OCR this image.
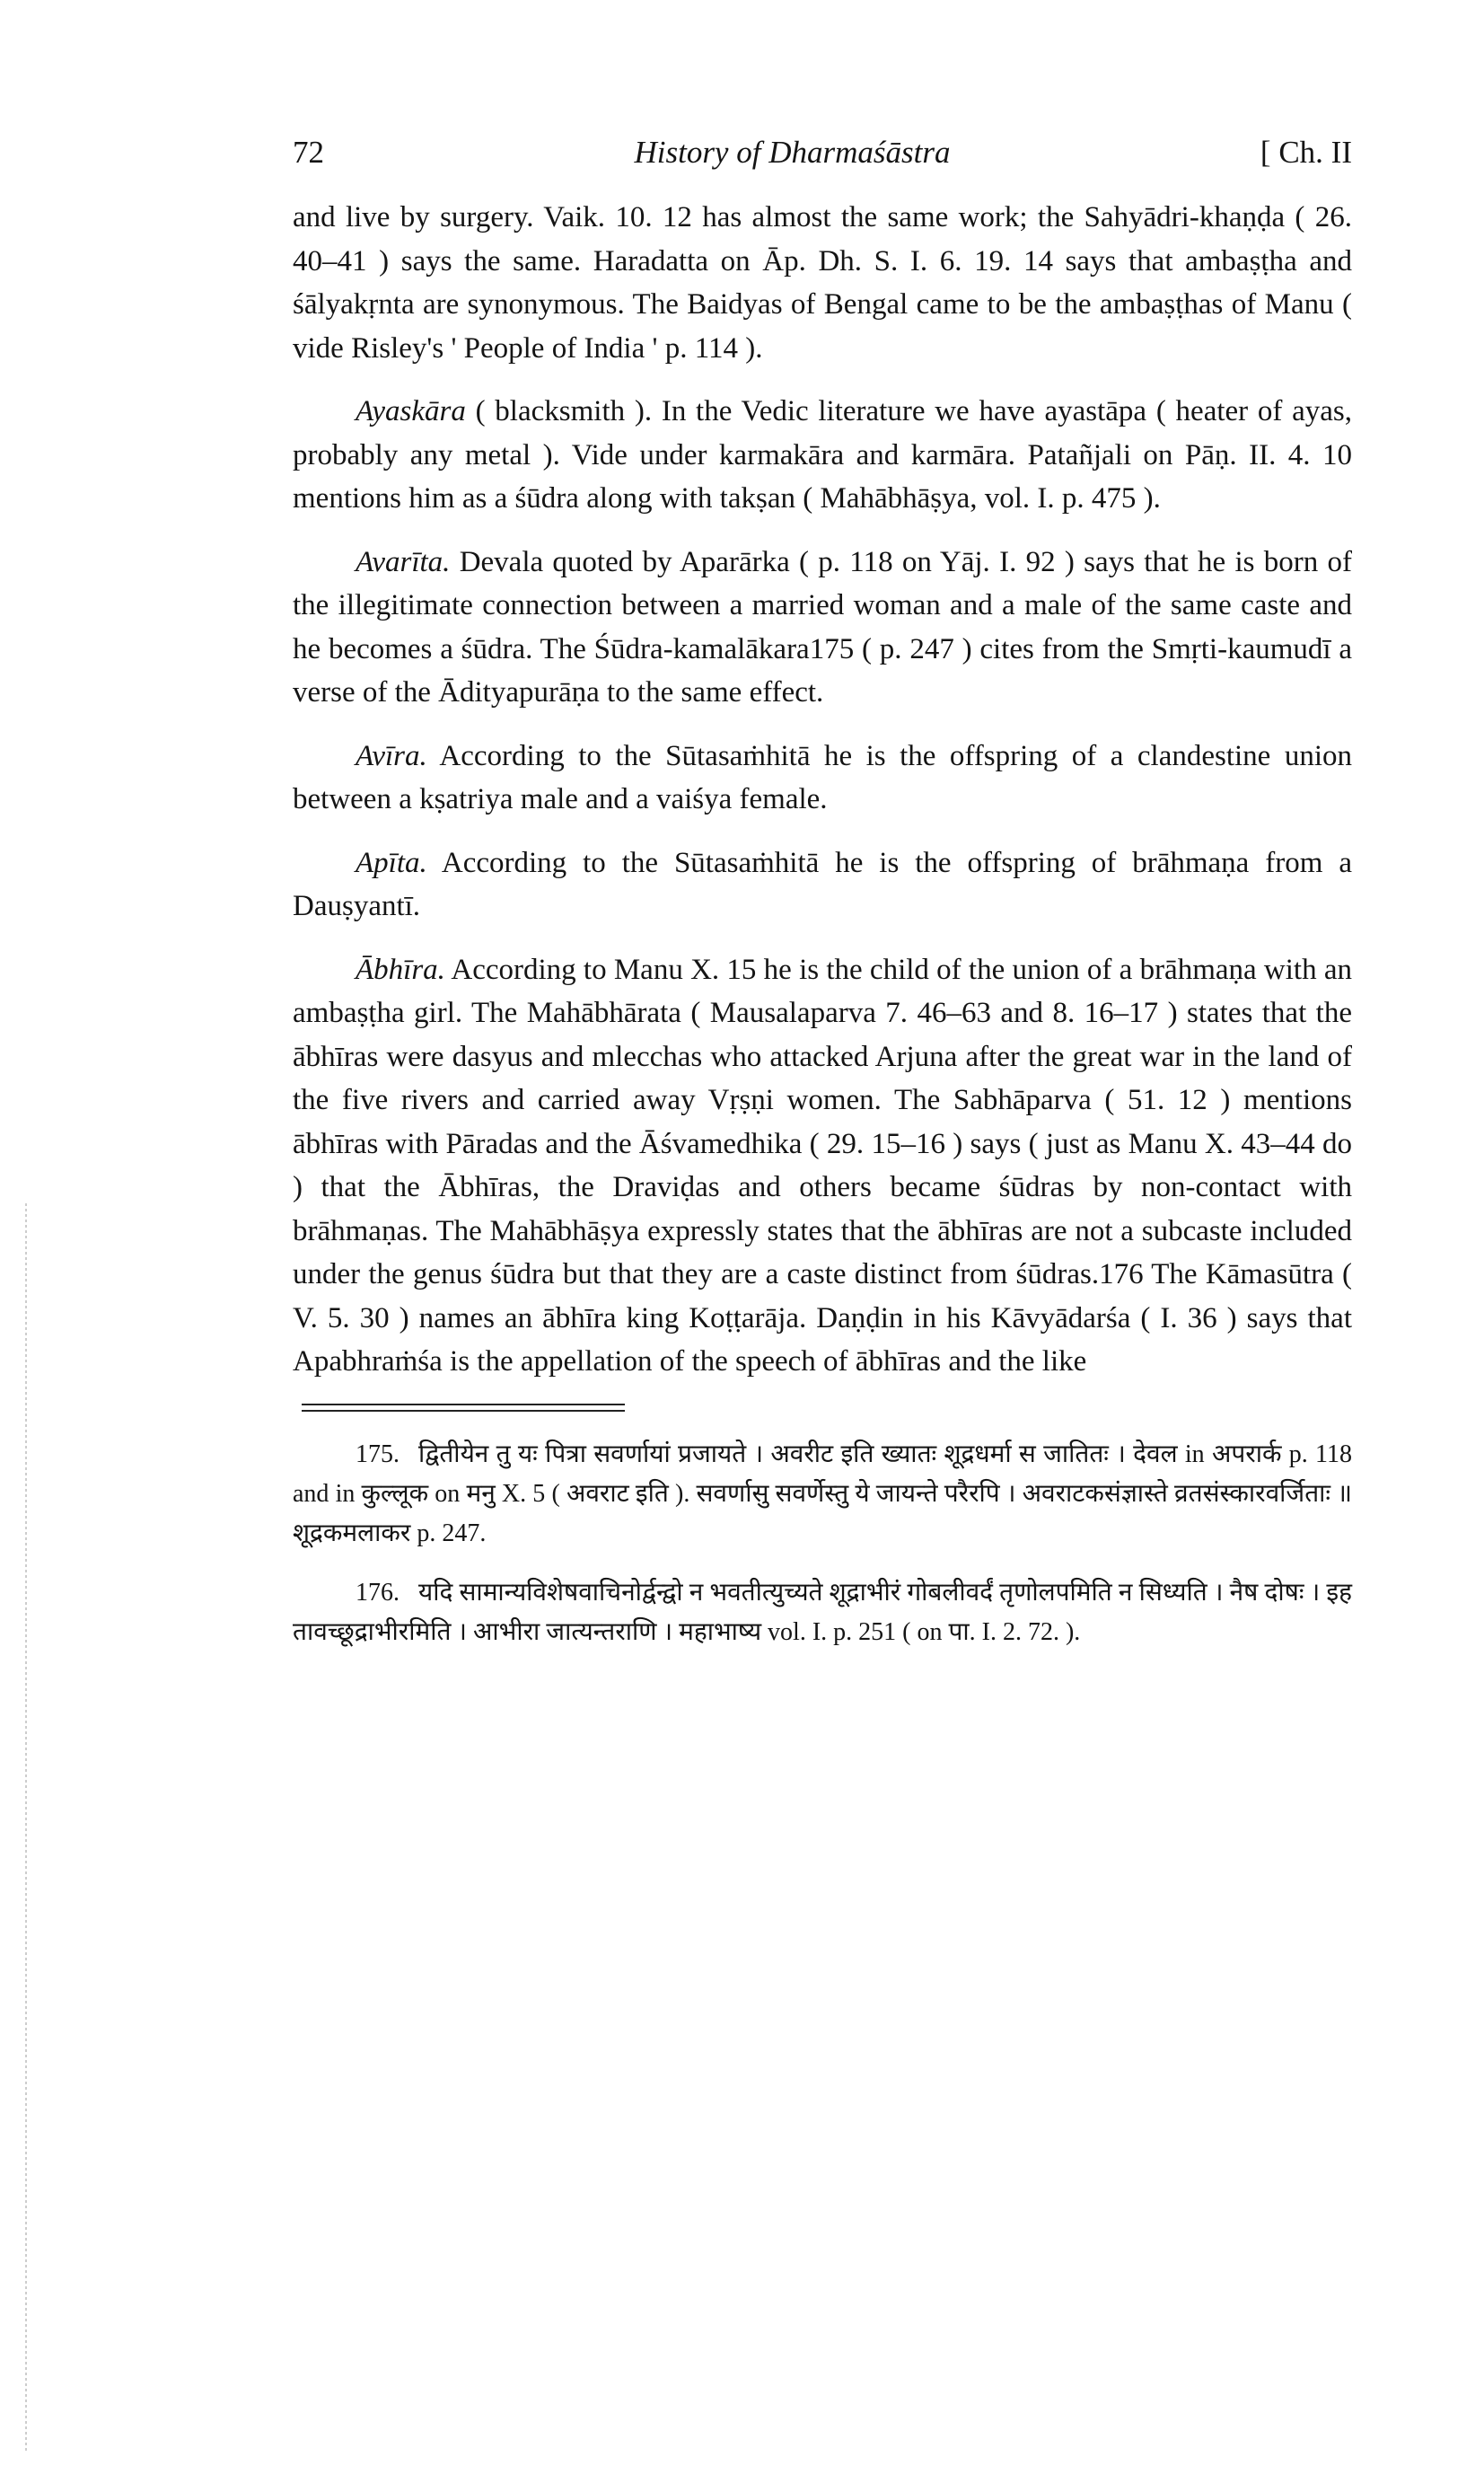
72	History of Dharmaśāstra	[ Ch. II

and live by surgery. Vaik. 10. 12 has almost the same work; the Sahyādri-khaṇḍa ( 26. 40–41 ) says the same. Haradatta on Āp. Dh. S. I. 6. 19. 14 says that ambaṣṭha and śālyakṛnta are synonymous. The Baidyas of Bengal came to be the ambaṣṭhas of Manu ( vide Risley's ' People of India ' p. 114 ).

Ayaskāra ( blacksmith ). In the Vedic literature we have ayastāpa ( heater of ayas, probably any metal ). Vide under karmakāra and karmāra. Patañjali on Pāṇ. II. 4. 10 mentions him as a śūdra along with takṣan ( Mahābhāṣya, vol. I. p. 475 ).

Avarīta. Devala quoted by Aparārka ( p. 118 on Yāj. I. 92 ) says that he is born of the illegitimate connection between a married woman and a male of the same caste and he becomes a śūdra. The Śūdra-kamalākara175 ( p. 247 ) cites from the Smṛti-kaumudī a verse of the Ādityapurāṇa to the same effect.

Avīra. According to the Sūtasaṁhitā he is the offspring of a clandestine union between a kṣatriya male and a vaiśya female.

Apīta. According to the Sūtasaṁhitā he is the offspring of brāhmaṇa from a Dauṣyantī.

Ābhīra. According to Manu X. 15 he is the child of the union of a brāhmaṇa with an ambaṣṭha girl. The Mahābhārata ( Mausalaparva 7. 46–63 and 8. 16–17 ) states that the ābhīras were dasyus and mlecchas who attacked Arjuna after the great war in the land of the five rivers and carried away Vṛṣṇi women. The Sabhāparva ( 51. 12 ) mentions ābhīras with Pāradas and the Āśvamedhika ( 29. 15–16 ) says ( just as Manu X. 43–44 do ) that the Ābhīras, the Draviḍas and others became śūdras by non-contact with brāhmaṇas. The Mahābhāṣya expressly states that the ābhīras are not a subcaste included under the genus śūdra but that they are a caste distinct from śūdras.176 The Kāmasūtra ( V. 5. 30 ) names an ābhīra king Koṭṭarāja. Daṇḍin in his Kāvyādarśa ( I. 36 ) says that Apabhraṁśa is the appellation of the speech of ābhīras and the like

175. द्वितीयेन तु यः पित्रा सवर्णायां प्रजायते । अवरीट इति ख्यातः शूद्रधर्मा स जातितः । देवल in अपरार्क p. 118 and in कुल्लूक on मनु X. 5 ( अवराट इति ). सवर्णासु सवर्णेस्तु ये जायन्ते परैरपि । अवराटकसंज्ञास्ते व्रतसंस्कारवर्जिताः ॥ शूद्रकमलाकर p. 247.
176. यदि सामान्यविशेषवाचिनोर्द्वन्द्वो न भवतीत्युच्यते शूद्राभीरं गोबलीवर्दं तृणोलपमिति न सिध्यति । नैष दोषः । इह तावच्छूद्राभीरमिति । आभीरा जात्यन्तराणि । महाभाष्य vol. I. p. 251 ( on पा. I. 2. 72. ).
